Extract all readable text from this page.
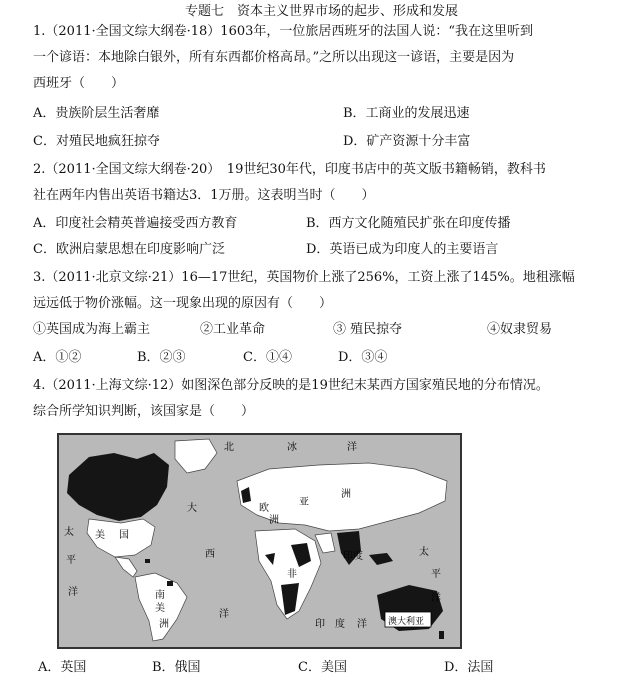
专题七　资本主义世界市场的起步、形成和发展
1.（2011·全国文综大纲卷·18）1603年，一位旅居西班牙的法国人说：“我在这里听到
一个谚语：本地除白银外，所有东西都价格高昂。”之所以出现这一谚语，主要是因为
西班牙（　　）
A．贵族阶层生活奢靡	B．工商业的发展迅速
C．对殖民地疯狂掠夺	D．矿产资源十分丰富
2.（2011·全国文综大纲卷·20）　19世纪30年代，印度书店中的英文版书籍畅销，教科书
社在两年内售出英语书籍达3．1万册。这表明当时（　　）
A．印度社会精英普遍接受西方教育	B．西方文化随殖民扩张在印度传播
C．欧洲启蒙思想在印度影响广泛	D．英语已成为印度人的主要语言
3.（2011·北京文综·21）16—17世纪，英国物价上涨了256%，工资上涨了145%。地租涨幅
远远低于物价涨幅。这一现象出现的原因有（　　）
①英国成为海上霸主	②工业革命	③ 殖民掠夺	④奴隶贸易
A．①②	B．②③	C．①④	D．③④
4.（2011·上海文综·12）如图深色部分反映的是19世纪末某西方国家殖民地的分布情况。
综合所学知识判断，该国家是（　　）
北	冰	洋
欧
亚
洲
洲
太
平
洋
美 国
非
印度
南
大
西
洋
印 度 洋 澳大利亚
太
平
洋
美
洲
A．英国	B．俄国	C．美国	D．法国
